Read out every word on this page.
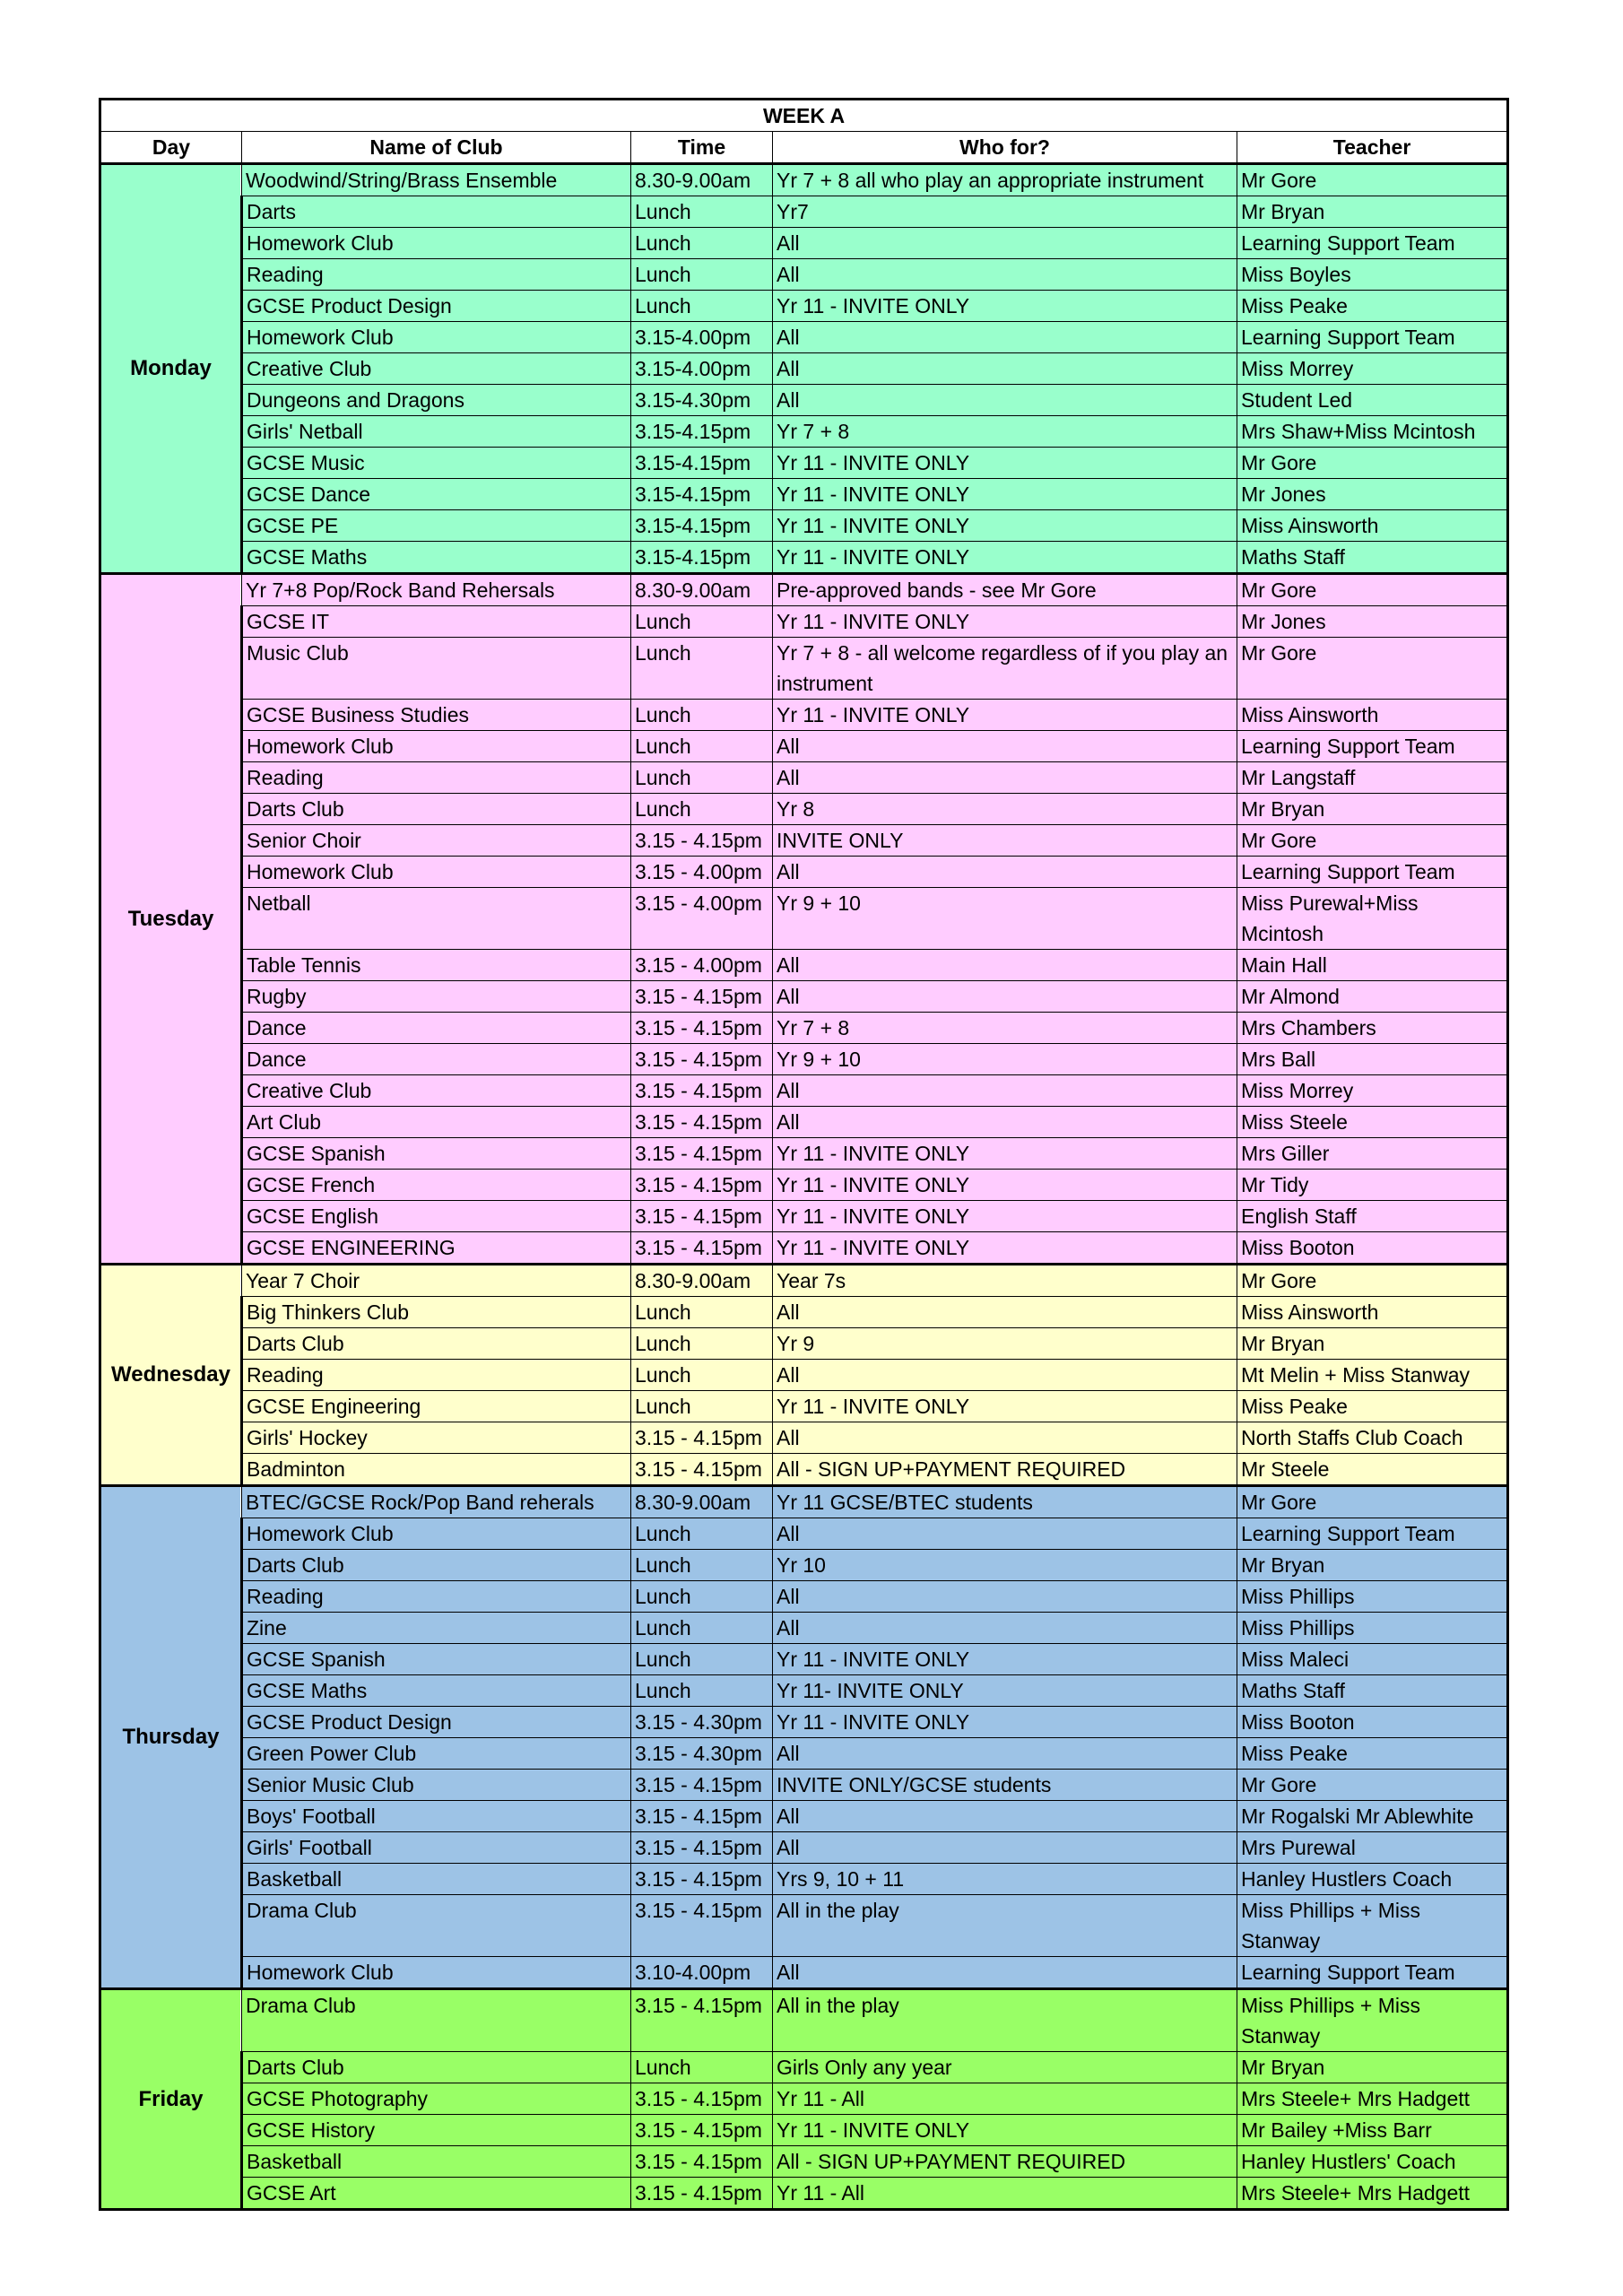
WEEK A				
Day	Name of Club	Time	Who for?	Teacher
Monday	Woodwind/String/Brass Ensemble	8.30-9.00am	Yr 7 + 8 all who play an appropriate instrument	Mr Gore
	Darts	Lunch	Yr7	Mr Bryan
	Homework Club	Lunch	All	Learning Support Team
	Reading	Lunch	All	Miss Boyles
	GCSE Product Design	Lunch	Yr 11 - INVITE ONLY	Miss Peake
	Homework Club	3.15-4.00pm	All	Learning Support Team
	Creative Club	3.15-4.00pm	All	Miss Morrey
	Dungeons and Dragons	3.15-4.30pm	All	Student Led
	Girls' Netball	3.15-4.15pm	Yr 7 + 8	Mrs Shaw+Miss Mcintosh
	GCSE Music	3.15-4.15pm	Yr 11 - INVITE ONLY	Mr Gore
	GCSE Dance	3.15-4.15pm	Yr 11 - INVITE ONLY	Mr Jones
	GCSE PE	3.15-4.15pm	Yr 11 - INVITE ONLY	Miss Ainsworth
	GCSE Maths	3.15-4.15pm	Yr 11 - INVITE ONLY	Maths Staff
Tuesday	Yr 7+8 Pop/Rock Band Rehersals	8.30-9.00am	Pre-approved bands - see Mr Gore	Mr Gore
	GCSE IT	Lunch	Yr 11 - INVITE ONLY	Mr Jones
	Music Club	Lunch	Yr 7 + 8 - all welcome regardless of if you play an instrument	Mr Gore
	GCSE Business Studies	Lunch	Yr 11 - INVITE ONLY	Miss Ainsworth
	Homework Club	Lunch	All	Learning Support Team
	Reading	Lunch	All	Mr Langstaff
	Darts Club	Lunch	Yr 8	Mr Bryan
	Senior Choir	3.15 - 4.15pm	INVITE ONLY	Mr Gore
	Homework Club	3.15 - 4.00pm	All	Learning Support Team
	Netball	3.15 - 4.00pm	Yr 9 + 10	Miss Purewal+Miss Mcintosh
	Table Tennis	3.15 - 4.00pm	All	Main Hall
	Rugby	3.15 - 4.15pm	All	Mr Almond
	Dance	3.15 - 4.15pm	Yr 7 + 8	Mrs Chambers
	Dance	3.15 - 4.15pm	Yr 9 + 10	Mrs Ball
	Creative Club	3.15 - 4.15pm	All	Miss Morrey
	Art Club	3.15 - 4.15pm	All	Miss Steele
	GCSE Spanish	3.15 - 4.15pm	Yr 11 - INVITE ONLY	Mrs Giller
	GCSE French	3.15 - 4.15pm	Yr 11 - INVITE ONLY	Mr Tidy
	GCSE English	3.15 - 4.15pm	Yr 11 - INVITE ONLY	English Staff
	GCSE ENGINEERING	3.15 - 4.15pm	Yr 11 - INVITE ONLY	Miss Booton
Wednesday	Year 7 Choir	8.30-9.00am	Year 7s	Mr Gore
	Big Thinkers Club	Lunch	All	Miss Ainsworth
	Darts Club	Lunch	Yr 9	Mr Bryan
	Reading	Lunch	All	Mt Melin + Miss Stanway
	GCSE Engineering	Lunch	Yr 11 - INVITE ONLY	Miss Peake
	Girls' Hockey	3.15 - 4.15pm	All	North Staffs Club Coach
	Badminton	3.15 - 4.15pm	All - SIGN UP+PAYMENT REQUIRED	Mr Steele
Thursday	BTEC/GCSE Rock/Pop Band reherals	8.30-9.00am	Yr 11 GCSE/BTEC students	Mr Gore
	Homework Club	Lunch	All	Learning Support Team
	Darts Club	Lunch	Yr 10	Mr Bryan
	Reading	Lunch	All	Miss Phillips
	Zine	Lunch	All	Miss Phillips
	GCSE Spanish	Lunch	Yr 11 - INVITE ONLY	Miss Maleci
	GCSE Maths	Lunch	Yr 11- INVITE ONLY	Maths Staff
	GCSE Product Design	3.15 - 4.30pm	Yr 11 - INVITE ONLY	Miss Booton
	Green Power Club	3.15 - 4.30pm	All	Miss Peake
	Senior Music Club	3.15 - 4.15pm	INVITE ONLY/GCSE students	Mr Gore
	Boys' Football	3.15 - 4.15pm	All	Mr Rogalski Mr Ablewhite
	Girls' Football	3.15 - 4.15pm	All	Mrs Purewal
	Basketball	3.15 - 4.15pm	Yrs 9, 10 + 11	Hanley Hustlers Coach
	Drama Club	3.15 - 4.15pm	All in the play	Miss Phillips + Miss Stanway
	Homework Club	3.10-4.00pm	All	Learning Support Team
Friday	Drama Club	3.15 - 4.15pm	All in the play	Miss Phillips + Miss Stanway
	Darts Club	Lunch	Girls Only any year	Mr Bryan
	GCSE Photography	3.15 - 4.15pm	Yr 11 - All	Mrs Steele+ Mrs Hadgett
	GCSE History	3.15 - 4.15pm	Yr 11 - INVITE ONLY	Mr Bailey +Miss Barr
	Basketball	3.15 - 4.15pm	All - SIGN UP+PAYMENT REQUIRED	Hanley Hustlers' Coach
	GCSE Art	3.15 - 4.15pm	Yr 11 - All	Mrs Steele+ Mrs Hadgett
